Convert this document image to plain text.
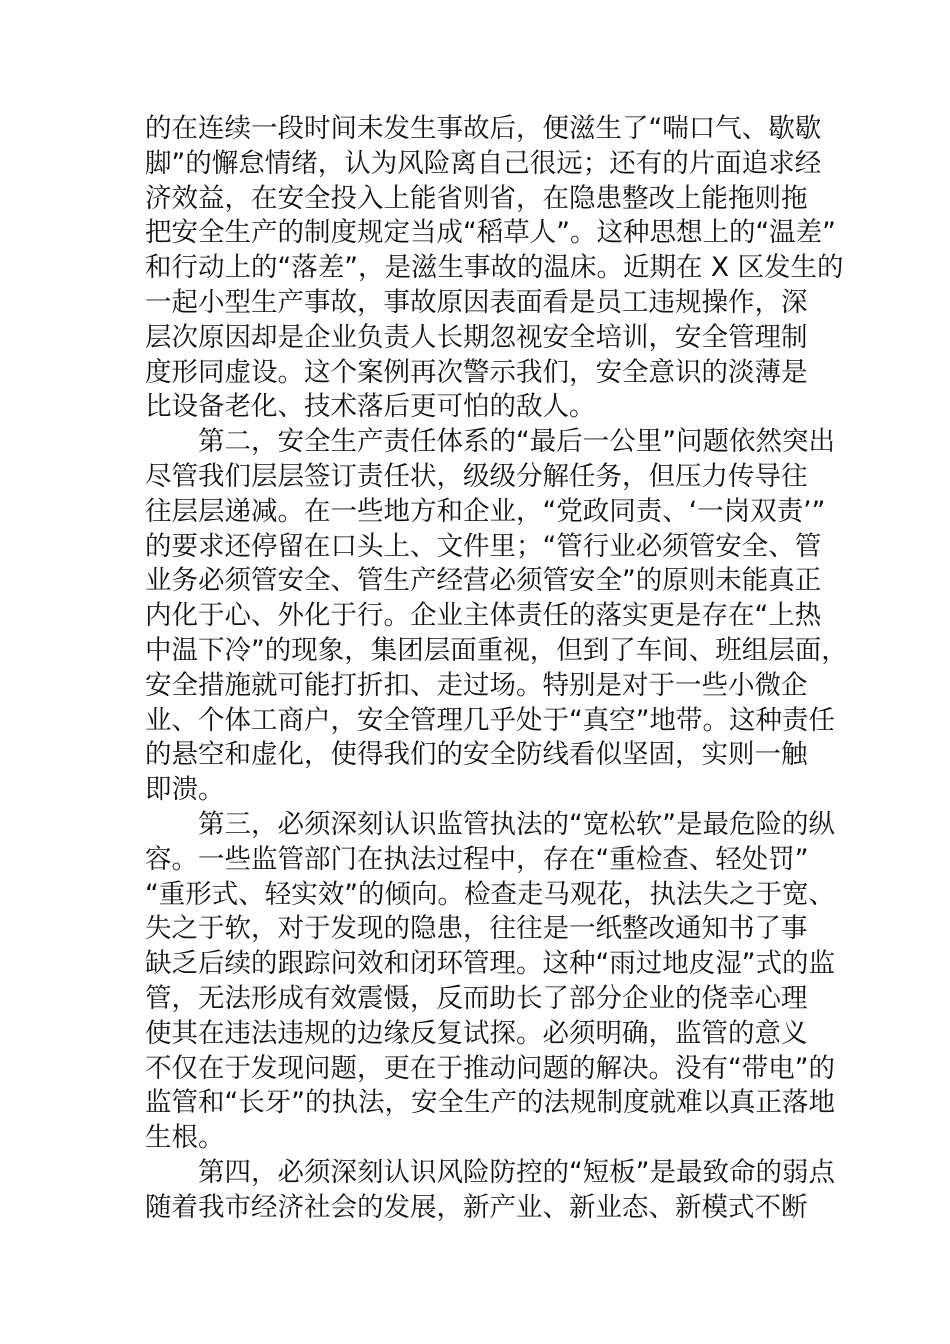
的在连续一段时间未发生事故后，便滋生了“喘口气、歇歇
脚”的懈怠情绪，认为风险离自己很远；还有的片面追求经
济效益，在安全投入上能省则省，在隐患整改上能拖则拖
把安全生产的制度规定当成“稻草人”。这种思想上的“温差”
和行动上的“落差”，是滋生事故的温床。近期在 X 区发生的
一起小型生产事故，事故原因表面看是员工违规操作，深
层次原因却是企业负责人长期忽视安全培训，安全管理制
度形同虚设。这个案例再次警示我们，安全意识的淡薄是
比设备老化、技术落后更可怕的敌人。
第二，安全生产责任体系的“最后一公里”问题依然突出
尽管我们层层签订责任状，级级分解任务，但压力传导往
往层层递减。在一些地方和企业，“党政同责、‘一岗双责’”
的要求还停留在口头上、文件里；“管行业必须管安全、管
业务必须管安全、管生产经营必须管安全”的原则未能真正
内化于心、外化于行。企业主体责任的落实更是存在“上热
中温下冷”的现象，集团层面重视，但到了车间、班组层面，
安全措施就可能打折扣、走过场。特别是对于一些小微企
业、个体工商户，安全管理几乎处于“真空”地带。这种责任
的悬空和虚化，使得我们的安全防线看似坚固，实则一触
即溃。
第三，必须深刻认识监管执法的“宽松软”是最危险的纵
容。一些监管部门在执法过程中，存在“重检查、轻处罚”
“重形式、轻实效”的倾向。检查走马观花，执法失之于宽、
失之于软，对于发现的隐患，往往是一纸整改通知书了事
缺乏后续的跟踪问效和闭环管理。这种“雨过地皮湿”式的监
管，无法形成有效震慑，反而助长了部分企业的侥幸心理
使其在违法违规的边缘反复试探。必须明确，监管的意义
不仅在于发现问题，更在于推动问题的解决。没有“带电”的
监管和“长牙”的执法，安全生产的法规制度就难以真正落地
生根。
第四，必须深刻认识风险防控的“短板”是最致命的弱点
随着我市经济社会的发展，新产业、新业态、新模式不断
